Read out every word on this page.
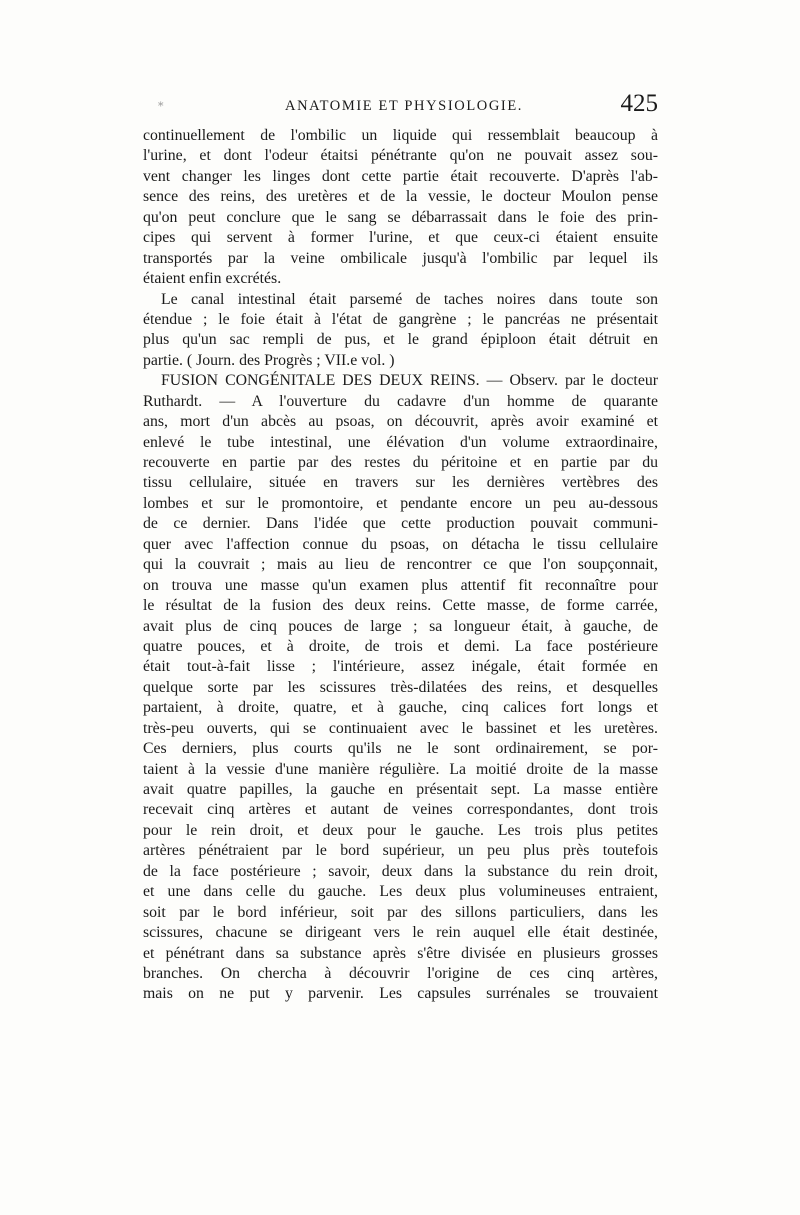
⁎	ANATOMIE ET PHYSIOLOGIE.	425
continuellement de l'ombilic un liquide qui ressemblait beaucoup à
l'urine, et dont l'odeur étaitsi pénétrante qu'on ne pouvait assez sou-
vent changer les linges dont cette partie était recouverte. D'après l'ab-
sence des reins, des uretères et de la vessie, le docteur Moulon pense
qu'on peut conclure que le sang se débarrassait dans le foie des prin-
cipes qui servent à former l'urine, et que ceux-ci étaient ensuite
transportés par la veine ombilicale jusqu'à l'ombilic par lequel ils
étaient enfin excrétés.
Le canal intestinal était parsemé de taches noires dans toute son
étendue ; le foie était à l'état de gangrène ; le pancréas ne présentait
plus qu'un sac rempli de pus, et le grand épiploon était détruit en
partie. ( Journ. des Progrès ; VII.e vol. )
FUSION CONGÉNITALE DES DEUX REINS. — Observ. par le docteur
Ruthardt. — A l'ouverture du cadavre d'un homme de quarante
ans, mort d'un abcès au psoas, on découvrit, après avoir examiné et
enlevé le tube intestinal, une élévation d'un volume extraordinaire,
recouverte en partie par des restes du péritoine et en partie par du
tissu cellulaire, située en travers sur les dernières vertèbres des
lombes et sur le promontoire, et pendante encore un peu au-dessous
de ce dernier. Dans l'idée que cette production pouvait communi-
quer avec l'affection connue du psoas, on détacha le tissu cellulaire
qui la couvrait ; mais au lieu de rencontrer ce que l'on soupçonnait,
on trouva une masse qu'un examen plus attentif fit reconnaître pour
le résultat de la fusion des deux reins. Cette masse, de forme carrée,
avait plus de cinq pouces de large ; sa longueur était, à gauche, de
quatre pouces, et à droite, de trois et demi. La face postérieure
était tout-à-fait lisse ; l'intérieure, assez inégale, était formée en
quelque sorte par les scissures très-dilatées des reins, et desquelles
partaient, à droite, quatre, et à gauche, cinq calices fort longs et
très-peu ouverts, qui se continuaient avec le bassinet et les uretères.
Ces derniers, plus courts qu'ils ne le sont ordinairement, se por-
taient à la vessie d'une manière régulière. La moitié droite de la masse
avait quatre papilles, la gauche en présentait sept. La masse entière
recevait cinq artères et autant de veines correspondantes, dont trois
pour le rein droit, et deux pour le gauche. Les trois plus petites
artères pénétraient par le bord supérieur, un peu plus près toutefois
de la face postérieure ; savoir, deux dans la substance du rein droit,
et une dans celle du gauche. Les deux plus volumineuses entraient,
soit par le bord inférieur, soit par des sillons particuliers, dans les
scissures, chacune se dirigeant vers le rein auquel elle était destinée,
et pénétrant dans sa substance après s'être divisée en plusieurs grosses
branches. On chercha à découvrir l'origine de ces cinq artères,
mais on ne put y parvenir. Les capsules surrénales se trouvaient
